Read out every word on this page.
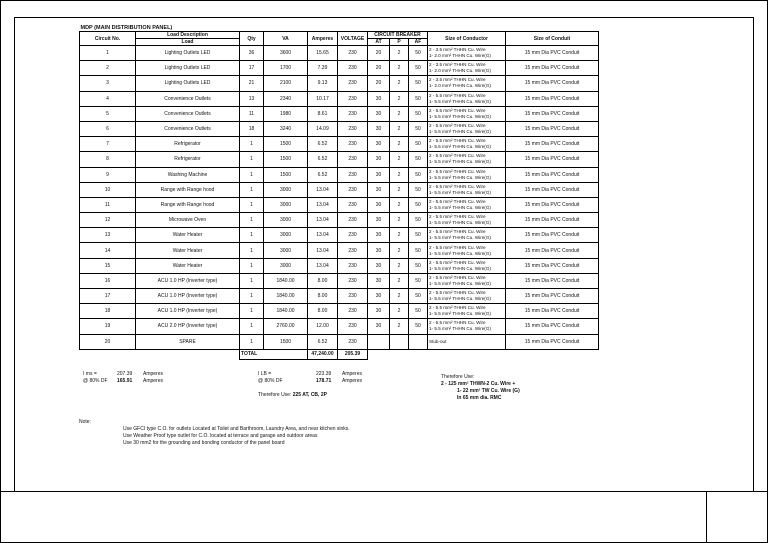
MDP (MAIN DISTRIBUTION PANEL)										
Circuit No.	Load Description	Qty	VA	Amperes	VOLTAGE	CIRCUIT BREAKER			Size of Conductor	Size of Conduit
	Load					AT	P	AF		
1	Lighting Outlets LED	36	3600	15.65	230	20	2	50	2 - 3.5 mm² THHN Cu. Wire
1- 2.0 mm² THHN Cu. Wire(G)	15 mm Dia PVC Conduit
2	Lighting Outlets LED	17	1700	7.39	230	20	2	50	2 - 3.5 mm² THHN Cu. Wire
1- 2.0 mm² THHN Cu. Wire(G)	15 mm Dia PVC Conduit
3	Lighting Outlets LED	21	2100	9.13	230	20	2	50	2 - 3.5 mm² THHN Cu. Wire
1- 2.0 mm² THHN Cu. Wire(G)	15 mm Dia PVC Conduit
4	Convenience Outlets	13	2340	10.17	230	30	2	50	2 - 5.5 mm² THHN Cu. Wire
1- 5.5 mm² THHN Cu. Wire(G)	15 mm Dia PVC Conduit
5	Convenience Outlets	11	1980	8.61	230	30	2	50	2 - 5.5 mm² THHN Cu. Wire
1- 5.5 mm² THHN Cu. Wire(G)	15 mm Dia PVC Conduit
6	Convenience Outlets	18	3240	14.09	230	30	2	50	2 - 5.5 mm² THHN Cu. Wire
1- 5.5 mm² THHN Cu. Wire(G)	15 mm Dia PVC Conduit
7	Refrigerator	1	1500	6.52	230	30	2	50	2 - 5.5 mm² THHN Cu. Wire
1- 5.5 mm² THHN Cu. Wire(G)	15 mm Dia PVC Conduit
8	Refrigerator	1	1500	6.52	230	30	2	50	2 - 5.5 mm² THHN Cu. Wire
1- 5.5 mm² THHN Cu. Wire(G)	15 mm Dia PVC Conduit
9	Washing Machine	1	1500	6.52	230	30	2	50	2 - 5.5 mm² THHN Cu. Wire
1- 5.5 mm² THHN Cu. Wire(G)	15 mm Dia PVC Conduit
10	Range with Range hood	1	3000	13.04	230	30	2	50	2 - 5.5 mm² THHN Cu. Wire
1- 5.5 mm² THHN Cu. Wire(G)	15 mm Dia PVC Conduit
11	Range with Range hood	1	3000	13.04	230	30	2	50	2 - 5.5 mm² THHN Cu. Wire
1- 5.5 mm² THHN Cu. Wire(G)	15 mm Dia PVC Conduit
12	Microwave Oven	1	3000	13.04	230	30	2	50	2 - 5.5 mm² THHN Cu. Wire
1- 5.5 mm² THHN Cu. Wire(G)	15 mm Dia PVC Conduit
13	Water Heater	1	3000	13.04	230	30	2	50	2 - 5.5 mm² THHN Cu. Wire
1- 5.5 mm² THHN Cu. Wire(G)	15 mm Dia PVC Conduit
14	Water Heater	1	3000	13.04	230	30	2	50	2 - 5.5 mm² THHN Cu. Wire
1- 5.5 mm² THHN Cu. Wire(G)	15 mm Dia PVC Conduit
15	Water Heater	1	3000	13.04	230	30	2	50	2 - 5.5 mm² THHN Cu. Wire
1- 5.5 mm² THHN Cu. Wire(G)	15 mm Dia PVC Conduit
16	ACU 1.0 HP (Inverter type)	1	1840.00	8.00	230	30	2	50	2 - 5.5 mm² THHN Cu. Wire
1- 5.5 mm² THHN Cu. Wire(G)	15 mm Dia PVC Conduit
17	ACU 1.0 HP (Inverter type)	1	1840.00	8.00	230	30	2	50	2 - 5.5 mm² THHN Cu. Wire
1- 5.5 mm² THHN Cu. Wire(G)	15 mm Dia PVC Conduit
18	ACU 1.0 HP (Inverter type)	1	1840.00	8.00	230	30	2	50	2 - 5.5 mm² THHN Cu. Wire
1- 5.5 mm² THHN Cu. Wire(G)	15 mm Dia PVC Conduit
19	ACU 2.0 HP (Inverter type)	1	2760.00	12.00	230	30	2	50	2 - 5.5 mm² THHN Cu. Wire
1- 5.5 mm² THHN Cu. Wire(G)	15 mm Dia PVC Conduit
20	SPARE	1	1500	6.52	230				Stub-out	15 mm Dia PVC Conduit
		TOTAL		47,240.00	205.39					
I ms =	207.39 Amperes
@ 80% DF 165.91 Amperes
I LB =	223.39 Amperes
@ 80% DF	178.71 Amperes
Therefore Use: 225 AT, CB, 2P
Therefore Use:
2 - 125 mm² THWN-2 Cu. Wire +
1- 22 mm² TW Cu. Wire (G)
In 65 mm dia. RMC
Note:
Use GFCI type C.O. for outlets Located at Toilet and Barthroom, Laundry Area, and near kitchen sinks.
Use Weather Proof type outlet for C.O. located at terrace and garage and outdoor areas
Use 30 mm2 for the grounding and bonding conductor of the panel board
